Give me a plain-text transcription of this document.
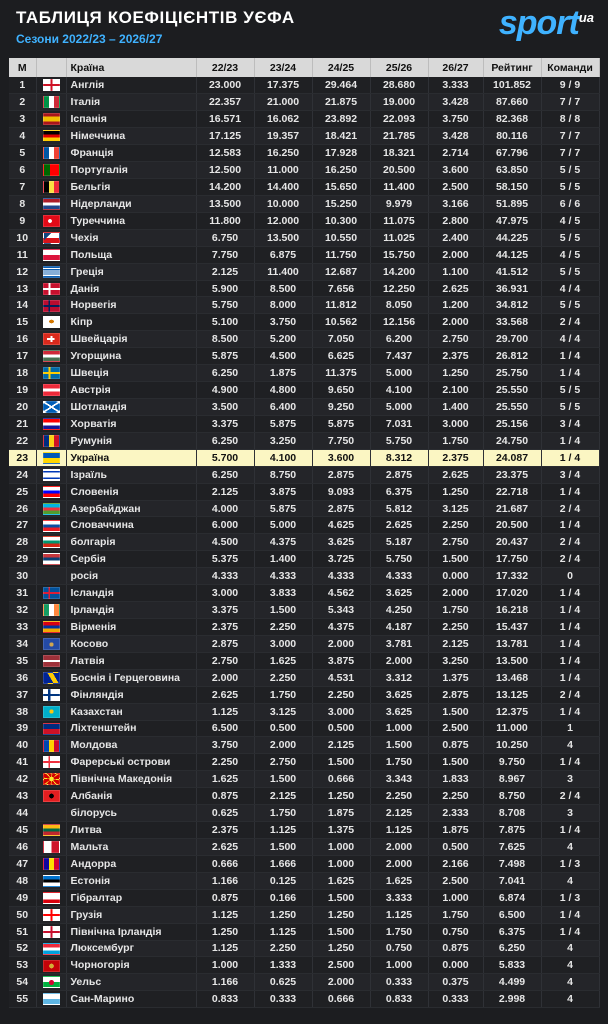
ТАБЛИЦЯ КОЕФІЦІЄНТІВ УЄФА
Сезони 2022/23 – 2026/27	sport$^{ua}$
М		Країна	22/23	23/24	24/25	25/26	26/27	Рейтинг	Команди
1		Англія	23.000	17.375	29.464	28.680	3.333	101.852	9 / 9
2		Італія	22.357	21.000	21.875	19.000	3.428	87.660	7 / 7
3		Іспанія	16.571	16.062	23.892	22.093	3.750	82.368	8 / 8
4		Німеччина	17.125	19.357	18.421	21.785	3.428	80.116	7 / 7
5		Франція	12.583	16.250	17.928	18.321	2.714	67.796	7 / 7
6		Португалія	12.500	11.000	16.250	20.500	3.600	63.850	5 / 5
7		Бельгія	14.200	14.400	15.650	11.400	2.500	58.150	5 / 5
8		Нідерланди	13.500	10.000	15.250	9.979	3.166	51.895	6 / 6
9		Туреччина	11.800	12.000	10.300	11.075	2.800	47.975	4 / 5
10		Чехія	6.750	13.500	10.550	11.025	2.400	44.225	5 / 5
11		Польща	7.750	6.875	11.750	15.750	2.000	44.125	4 / 5
12		Греція	2.125	11.400	12.687	14.200	1.100	41.512	5 / 5
13		Данія	5.900	8.500	7.656	12.250	2.625	36.931	4 / 4
14		Норвегія	5.750	8.000	11.812	8.050	1.200	34.812	5 / 5
15		Кіпр	5.100	3.750	10.562	12.156	2.000	33.568	2 / 4
16		Швейцарія	8.500	5.200	7.050	6.200	2.750	29.700	4 / 4
17		Угорщина	5.875	4.500	6.625	7.437	2.375	26.812	1 / 4
18		Швеція	6.250	1.875	11.375	5.000	1.250	25.750	1 / 4
19		Австрія	4.900	4.800	9.650	4.100	2.100	25.550	5 / 5
20		Шотландія	3.500	6.400	9.250	5.000	1.400	25.550	5 / 5
21		Хорватія	3.375	5.875	5.875	7.031	3.000	25.156	3 / 4
22		Румунія	6.250	3.250	7.750	5.750	1.750	24.750	1 / 4
23		Україна	5.700	4.100	3.600	8.312	2.375	24.087	1 / 4
24		Ізраїль	6.250	8.750	2.875	2.875	2.625	23.375	3 / 4
25		Словенія	2.125	3.875	9.093	6.375	1.250	22.718	1 / 4
26		Азербайджан	4.000	5.875	2.875	5.812	3.125	21.687	2 / 4
27		Словаччина	6.000	5.000	4.625	2.625	2.250	20.500	1 / 4
28		болгарія	4.500	4.375	3.625	5.187	2.750	20.437	2 / 4
29		Сербія	5.375	1.400	3.725	5.750	1.500	17.750	2 / 4
30		росія	4.333	4.333	4.333	4.333	0.000	17.332	0
31		Ісландія	3.000	3.833	4.562	3.625	2.000	17.020	1 / 4
32		Ірландія	3.375	1.500	5.343	4.250	1.750	16.218	1 / 4
33		Вірменія	2.375	2.250	4.375	4.187	2.250	15.437	1 / 4
34		Косово	2.875	3.000	2.000	3.781	2.125	13.781	1 / 4
35		Латвія	2.750	1.625	3.875	2.000	3.250	13.500	1 / 4
36		Боснія і Герцеговина	2.000	2.250	4.531	3.312	1.375	13.468	1 / 4
37		Фінляндія	2.625	1.750	2.250	3.625	2.875	13.125	2 / 4
38		Казахстан	1.125	3.125	3.000	3.625	1.500	12.375	1 / 4
39		Ліхтенштейн	6.500	0.500	0.500	1.000	2.500	11.000	1
40		Молдова	3.750	2.000	2.125	1.500	0.875	10.250	4
41		Фарерські острови	2.250	2.750	1.500	1.750	1.500	9.750	1 / 4
42		Північна Македонія	1.625	1.500	0.666	3.343	1.833	8.967	3
43		Албанія	0.875	2.125	1.250	2.250	2.250	8.750	2 / 4
44		білорусь	0.625	1.750	1.875	2.125	2.333	8.708	3
45		Литва	2.375	1.125	1.375	1.125	1.875	7.875	1 / 4
46		Мальта	2.625	1.500	1.000	2.000	0.500	7.625	4
47		Андорра	0.666	1.666	1.000	2.000	2.166	7.498	1 / 3
48		Естонія	1.166	0.125	1.625	1.625	2.500	7.041	4
49		Гібралтар	0.875	0.166	1.500	3.333	1.000	6.874	1 / 3
50		Грузія	1.125	1.250	1.250	1.125	1.750	6.500	1 / 4
51		Північна Ірландія	1.250	1.125	1.500	1.750	0.750	6.375	1 / 4
52		Люксембург	1.125	2.250	1.250	0.750	0.875	6.250	4
53		Чорногорія	1.000	1.333	2.500	1.000	0.000	5.833	4
54		Уельс	1.166	0.625	2.000	0.333	0.375	4.499	4
55		Сан-Марино	0.833	0.333	0.666	0.833	0.333	2.998	4
